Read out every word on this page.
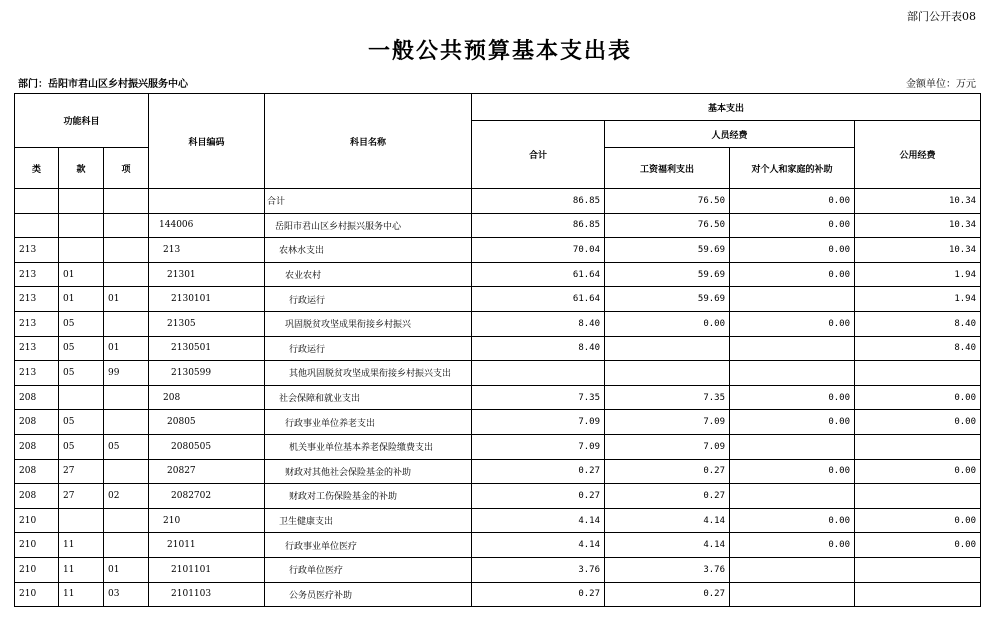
部门公开表08
一般公共预算基本支出表
部门：岳阳市君山区乡村振兴服务中心	金额单位：万元
功能科目			科目编码	科目名称	基本支出			
					合计	人员经费		公用经费
类	款	项				工资福利支出	对个人和家庭的补助	
				合计	86.85	76.50	0.00	10.34
			144006	岳阳市君山区乡村振兴服务中心	86.85	76.50	0.00	10.34
213			213	农林水支出	70.04	59.69	0.00	10.34
213	01		21301	农业农村	61.64	59.69	0.00	1.94
213	01	01	2130101	行政运行	61.64	59.69		1.94
213	05		21305	巩固脱贫攻坚成果衔接乡村振兴	8.40	0.00	0.00	8.40
213	05	01	2130501	行政运行	8.40			8.40
213	05	99	2130599	其他巩固脱贫攻坚成果衔接乡村振兴支出				
208			208	社会保障和就业支出	7.35	7.35	0.00	0.00
208	05		20805	行政事业单位养老支出	7.09	7.09	0.00	0.00
208	05	05	2080505	机关事业单位基本养老保险缴费支出	7.09	7.09		
208	27		20827	财政对其他社会保险基金的补助	0.27	0.27	0.00	0.00
208	27	02	2082702	财政对工伤保险基金的补助	0.27	0.27		
210			210	卫生健康支出	4.14	4.14	0.00	0.00
210	11		21011	行政事业单位医疗	4.14	4.14	0.00	0.00
210	11	01	2101101	行政单位医疗	3.76	3.76		
210	11	03	2101103	公务员医疗补助	0.27	0.27		
